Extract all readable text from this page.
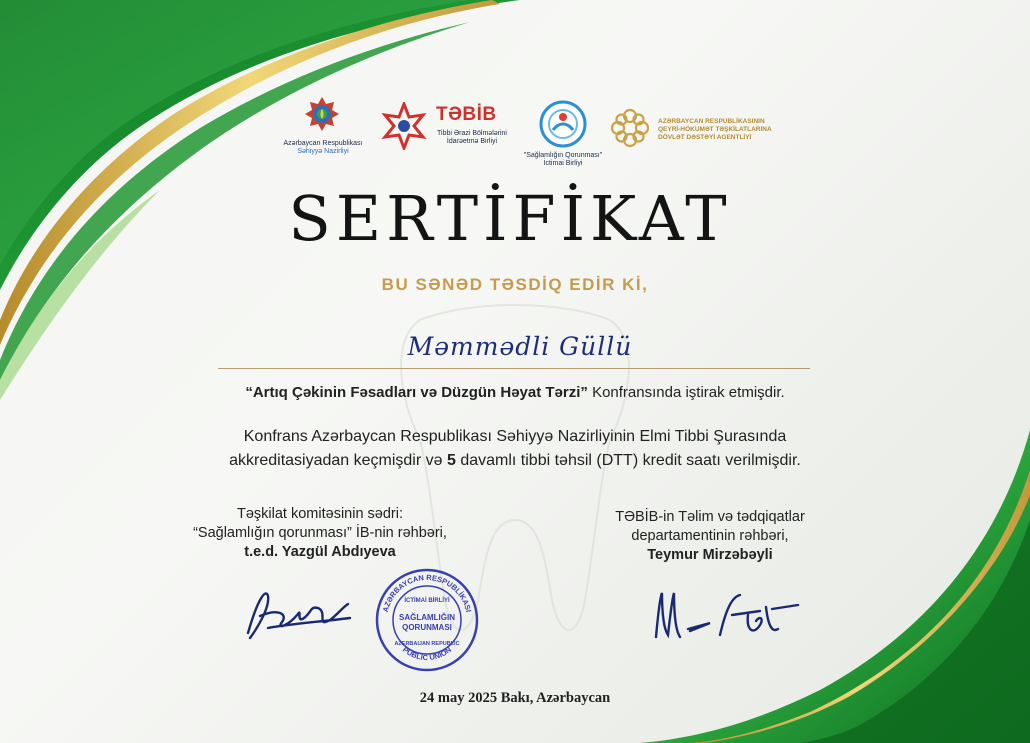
Azərbaycan Respublikası
Səhiyyə Nazirliyi
TƏBİB
Tibbi Ərazi Bölmələrini
İdarəetmə Birliyi
"Sağlamlığın Qorunması"
İctimai Birliyi
AZƏRBAYCAN RESPUBLİKASININ
QEYRİ-HÖKUMƏT TƏŞKİLATLARINA
DÖVLƏT DƏSTƏYİ AGENTLİYİ
SERTİFİKAT
BU SƏNƏD TƏSDİQ EDİR Kİ,
Məmmədli Güllü
“Artıq Çəkinin Fəsadları və Düzgün Həyat Tərzi” Konfransında iştirak etmişdir.
Konfrans Azərbaycan Respublikası Səhiyyə Nazirliyinin Elmi Tibbi Şurasında
akkreditasiyadan keçmişdir və 5 davamlı tibbi təhsil (DTT) kredit saatı verilmişdir.
Təşkilat komitəsinin sədri:
“Sağlamlığın qorunması” İB-nin rəhbəri,
t.e.d. Yazgül Abdıyeva
TƏBİB-in Təlim və tədqiqatlar
departamentinin rəhbəri,
Teymur Mirzəbəyli
AZƏRBAYCAN RESPUBLİKASI
PUBLIC UNION
İCTİMAİ BİRLİYİ
SAĞLAMLIĞIN
QORUNMASI
AZERBAIJAN REPUBLIC
24 may 2025 Bakı, Azərbaycan
